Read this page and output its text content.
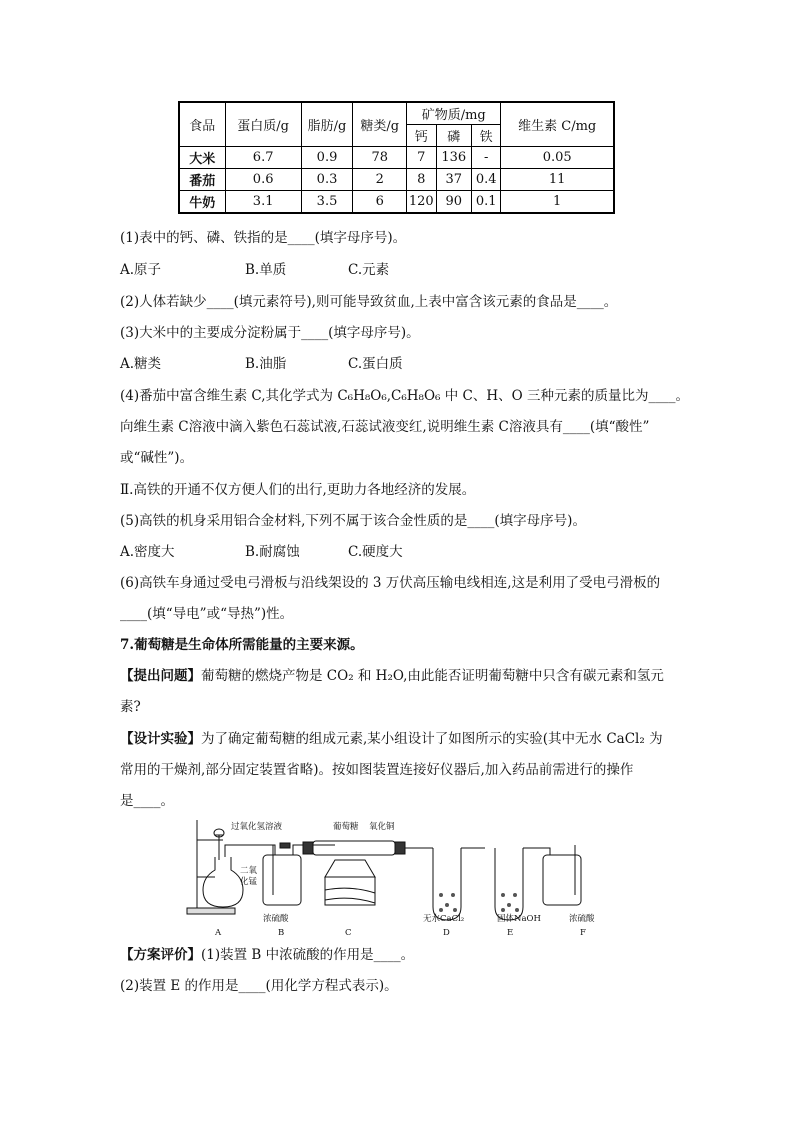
食品	蛋白质/g	脂肪/g	糖类/g	矿物质/mg			维生素 C/mg
				钙	磷	铁	
大米	6.7	0.9	78	7	136	-	0.05
番茄	0.6	0.3	2	8	37	0.4	11
牛奶	3.1	3.5	6	120	90	0.1	1
(1)表中的钙、磷、铁指的是____(填字母序号)。
A.原子	B.单质	C.元素
(2)人体若缺少____(填元素符号),则可能导致贫血,上表中富含该元素的食品是____。
(3)大米中的主要成分淀粉属于____(填字母序号)。
A.糖类	B.油脂	C.蛋白质
(4)番茄中富含维生素 C,其化学式为 C₆H₈O₆,C₆H₈O₆ 中 C、H、O 三种元素的质量比为____。
向维生素 C溶液中滴入紫色石蕊试液,石蕊试液变红,说明维生素 C溶液具有____(填“酸性”
或“碱性”)。
Ⅱ.高铁的开通不仅方便人们的出行,更助力各地经济的发展。
(5)高铁的机身采用铝合金材料,下列不属于该合金性质的是____(填字母序号)。
A.密度大	B.耐腐蚀	C.硬度大
(6)高铁车身通过受电弓滑板与沿线架设的 3 万伏高压输电线相连,这是利用了受电弓滑板的
____(填“导电”或“导热”)性。
7.葡萄糖是生命体所需能量的主要来源。
【提出问题】葡萄糖的燃烧产物是 CO₂ 和 H₂O,由此能否证明葡萄糖中只含有碳元素和氢元
素?
【设计实验】为了确定葡萄糖的组成元素,某小组设计了如图所示的实验(其中无水 CaCl₂ 为
常用的干燥剂,部分固定装置省略)。按如图装置连接好仪器后,加入药品前需进行的操作
是____。
过氧化氢溶液	葡萄糖 氧化铜
二氧
化锰
浓硫酸	无水CaCl₂	固体NaOH	浓硫酸
A	B	C	D	E	F
【方案评价】(1)装置 B 中浓硫酸的作用是____。
(2)装置 E 的作用是____(用化学方程式表示)。
